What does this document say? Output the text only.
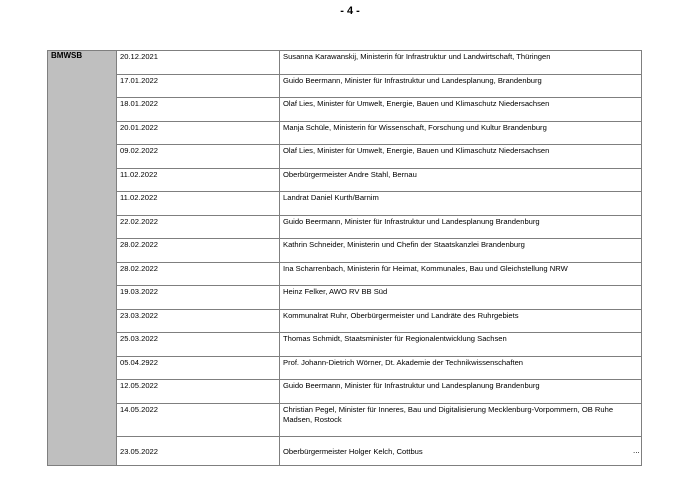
- 4 -
BMWSB	20.12.2021	Susanna Karawanskij, Ministerin für Infrastruktur und Landwirtschaft, Thüringen
	17.01.2022	Guido Beermann, Minister für Infrastruktur und Landesplanung, Brandenburg
	18.01.2022	Olaf Lies, Minister für Umwelt, Energie, Bauen und Klimaschutz Niedersachsen
	20.01.2022	Manja Schüle, Ministerin für Wissenschaft, Forschung und Kultur Brandenburg
	09.02.2022	Olaf Lies, Minister für Umwelt, Energie, Bauen und Klimaschutz Niedersachsen
	11.02.2022	Oberbürgermeister Andre Stahl, Bernau
	11.02.2022	Landrat Daniel Kurth/Barnim
	22.02.2022	Guido Beermann, Minister für Infrastruktur und Landesplanung Brandenburg
	28.02.2022	Kathrin Schneider, Ministerin und Chefin der Staatskanzlei Brandenburg
	28.02.2022	Ina Scharrenbach, Ministerin für Heimat, Kommunales, Bau und Gleichstellung NRW
	19.03.2022	Heinz Felker, AWO RV BB Süd
	23.03.2022	Kommunalrat Ruhr, Oberbürgermeister und Landräte des Ruhrgebiets
	25.03.2022	Thomas Schmidt, Staatsminister für Regionalentwicklung Sachsen
	05.04.2922	Prof. Johann-Dietrich Wörner, Dt. Akademie der Technikwissenschaften
	12.05.2022	Guido Beermann, Minister für Infrastruktur und Landesplanung Brandenburg
	14.05.2022	Christian Pegel, Minister für Inneres, Bau und Digitalisierung Mecklenburg-Vorpommern, OB Ruhe Madsen, Rostock
	23.05.2022	Oberbürgermeister Holger Kelch, Cottbus	...
